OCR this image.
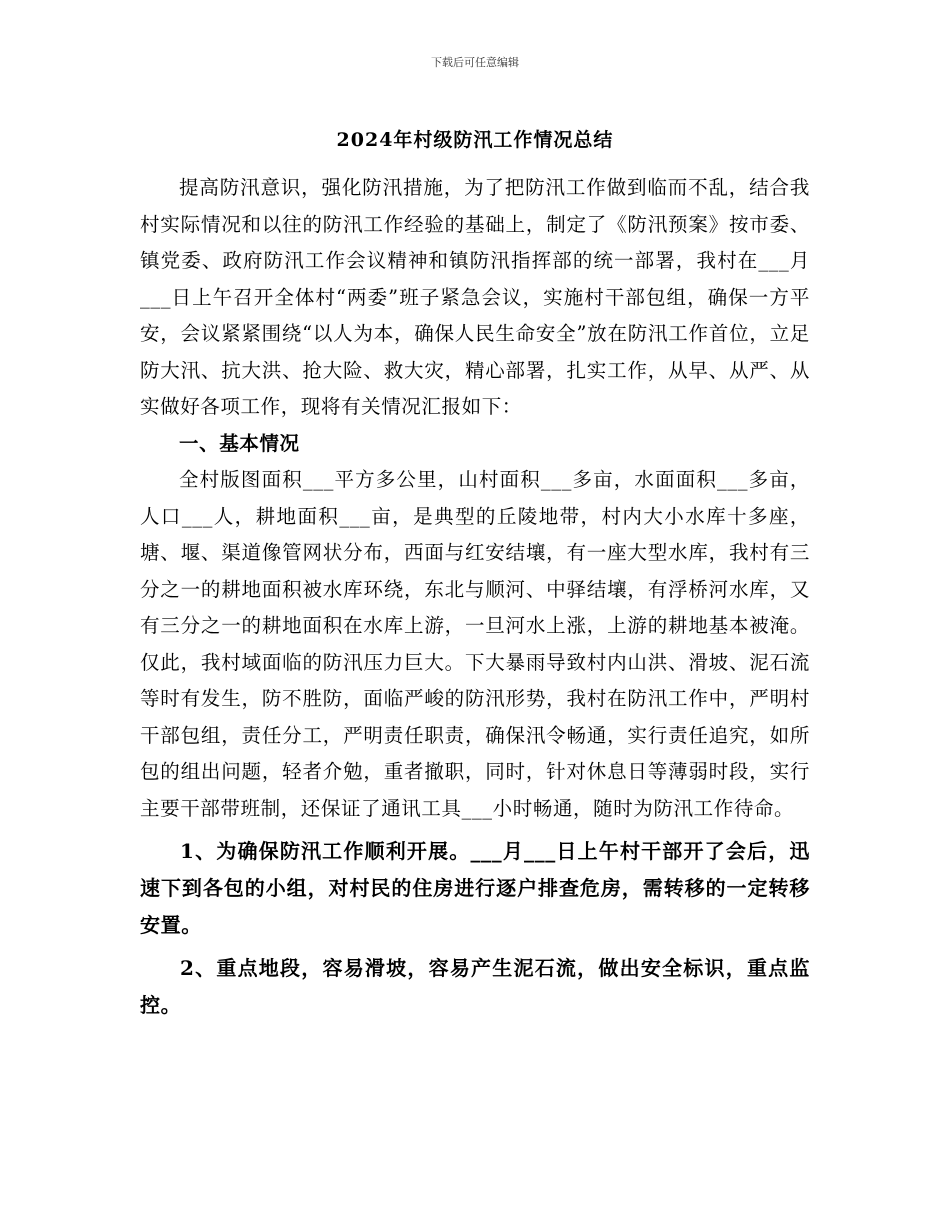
下载后可任意编辑
2024年村级防汛工作情况总结

提高防汛意识，强化防汛措施，为了把防汛工作做到临而不乱，结合我村实际情况和以往的防汛工作经验的基础上，制定了《防汛预案》按市委、镇党委、政府防汛工作会议精神和镇防汛指挥部的统一部署，我村在___月___日上午召开全体村“两委”班子紧急会议，实施村干部包组，确保一方平安，会议紧紧围绕“以人为本，确保人民生命安全”放在防汛工作首位，立足防大汛、抗大洪、抢大险、救大灾，精心部署，扎实工作，从早、从严、从实做好各项工作，现将有关情况汇报如下：

一、基本情况

全村版图面积___平方多公里，山村面积___多亩，水面面积___多亩，人口___人，耕地面积___亩，是典型的丘陵地带，村内大小水库十多座，塘、堰、渠道像管网状分布，西面与红安结壤，有一座大型水库，我村有三分之一的耕地面积被水库环绕，东北与顺河、中驿结壤，有浮桥河水库，又有三分之一的耕地面积在水库上游，一旦河水上涨，上游的耕地基本被淹。仅此，我村域面临的防汛压力巨大。下大暴雨导致村内山洪、滑坡、泥石流等时有发生，防不胜防，面临严峻的防汛形势，我村在防汛工作中，严明村干部包组，责任分工，严明责任职责，确保汛令畅通，实行责任追究，如所包的组出问题，轻者介勉，重者撤职，同时，针对休息日等薄弱时段，实行主要干部带班制，还保证了通讯工具___小时畅通，随时为防汛工作待命。

1、为确保防汛工作顺利开展。___月___日上午村干部开了会后，迅速下到各包的小组，对村民的住房进行逐户排查危房，需转移的一定转移安置。

2、重点地段，容易滑坡，容易产生泥石流，做出安全标识，重点监控。
